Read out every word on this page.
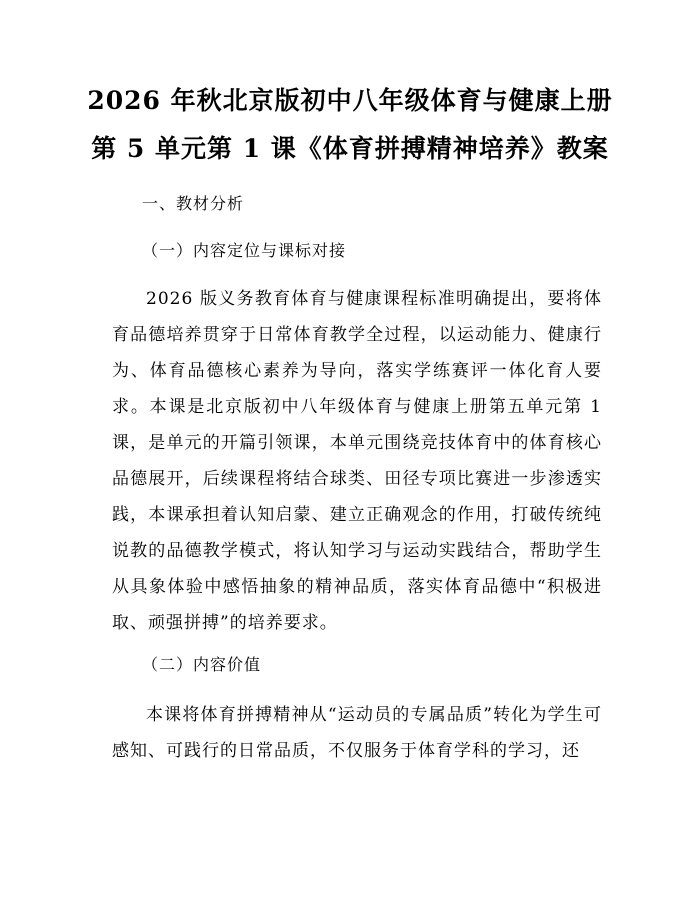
2026 年秋北京版初中八年级体育与健康上册
第 5 单元第 1 课《体育拼搏精神培养》教案
一、教材分析
（一）内容定位与课标对接

2026 版义务教育体育与健康课程标准明确提出，要将体育品德培养贯穿于日常体育教学全过程，以运动能力、健康行为、体育品德核心素养为导向，落实学练赛评一体化育人要求。本课是北京版初中八年级体育与健康上册第五单元第 1 课，是单元的开篇引领课，本单元围绕竞技体育中的体育核心品德展开，后续课程将结合球类、田径专项比赛进一步渗透实践，本课承担着认知启蒙、建立正确观念的作用，打破传统纯说教的品德教学模式，将认知学习与运动实践结合，帮助学生从具象体验中感悟抽象的精神品质，落实体育品德中“积极进取、顽强拼搏”的培养要求。

（二）内容价值

本课将体育拼搏精神从“运动员的专属品质”转化为学生可感知、可践行的日常品质，不仅服务于体育学科的学习，还
